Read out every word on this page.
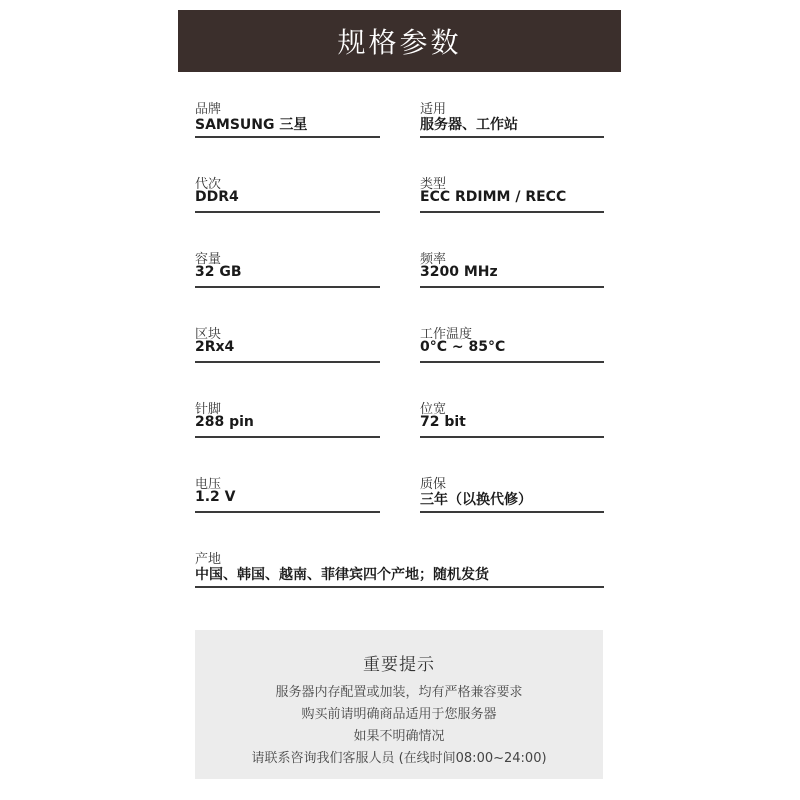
规格参数
品牌
SAMSUNG 三星
适用
服务器、工作站
代次
DDR4
类型
ECC RDIMM / RECC
容量
32 GB
频率
3200 MHz
区块
2Rx4
工作温度
0°C ~ 85°C
针脚
288 pin
位宽
72 bit
电压
1.2 V
质保
三年（以换代修）
产地
中国、韩国、越南、菲律宾四个产地；随机发货
重要提示
服务器内存配置或加装，均有严格兼容要求
购买前请明确商品适用于您服务器
如果不明确情况
请联系咨询我们客服人员 (在线时间08:00~24:00)
